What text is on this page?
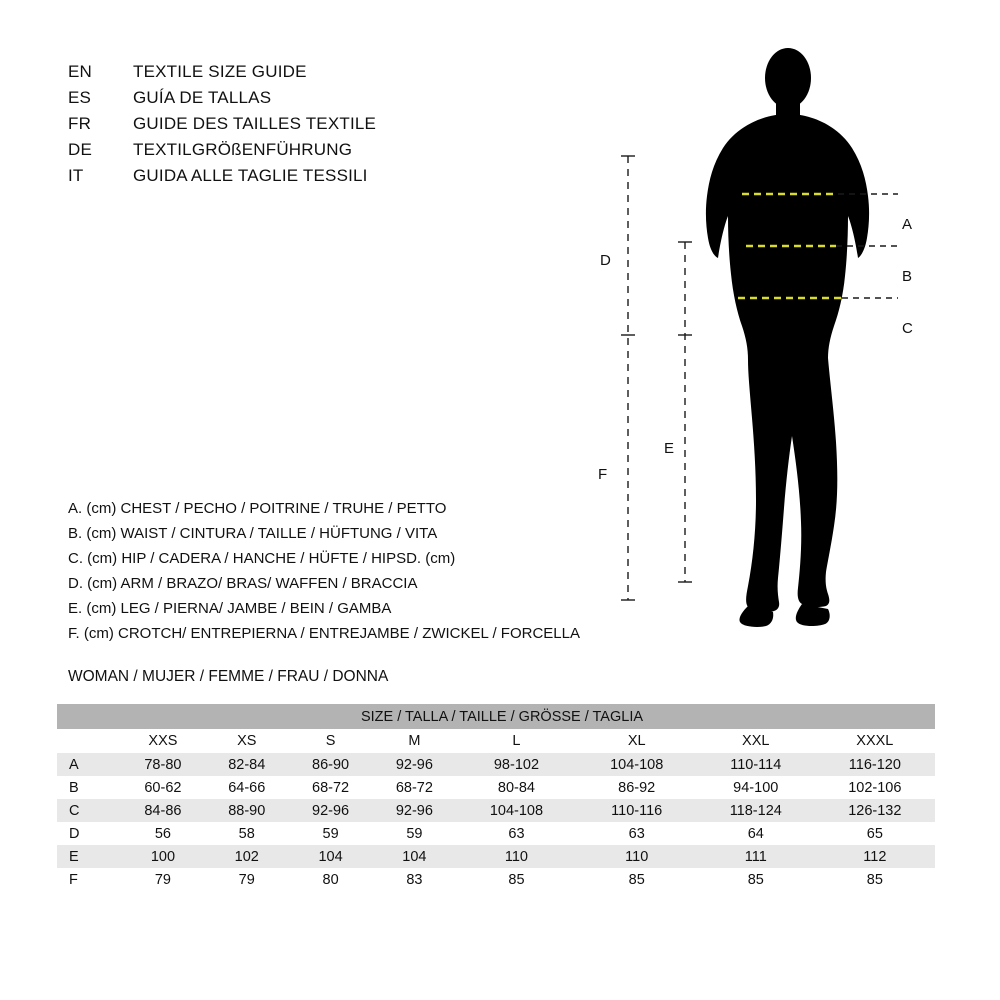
EN	TEXTILE SIZE GUIDE
ES	GUÍA DE TALLAS
FR	GUIDE DES TAILLES TEXTILE
DE	TEXTILGRÖßENFÜHRUNG
IT	GUIDA ALLE TAGLIE TESSILI
A. (cm) CHEST / PECHO / POITRINE / TRUHE / PETTO
B. (cm) WAIST / CINTURA / TAILLE / HÜFTUNG / VITA
C. (cm) HIP / CADERA / HANCHE / HÜFTE / HIPSD. (cm)
D. (cm) ARM / BRAZO/ BRAS/ WAFFEN / BRACCIA
E. (cm) LEG / PIERNA/ JAMBE / BEIN / GAMBA
F. (cm) CROTCH/ ENTREPIERNA / ENTREJAMBE / ZWICKEL / FORCELLA
WOMAN / MUJER / FEMME / FRAU / DONNA
SIZE / TALLA / TAILLE / GRÖSSE / TAGLIA								
	XXS	XS	S	M	L	XL	XXL	XXXL
A	78-80	82-84	86-90	92-96	98-102	104-108	110-114	116-120
B	60-62	64-66	68-72	68-72	80-84	86-92	94-100	102-106
C	84-86	88-90	92-96	92-96	104-108	110-116	118-124	126-132
D	56	58	59	59	63	63	64	65
E	100	102	104	104	110	110	111	112
F	79	79	80	83	85	85	85	85
A
B
C
D
E
F
